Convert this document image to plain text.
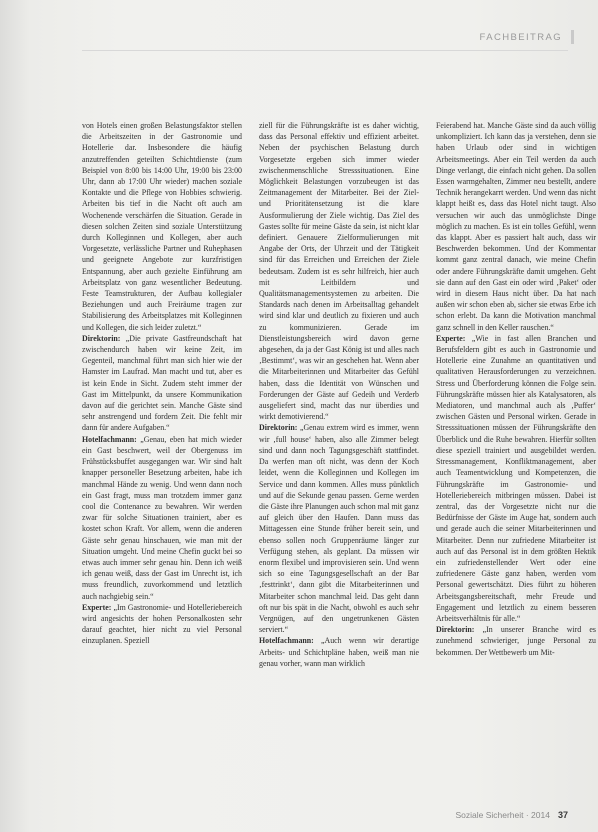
FACHBEITRAG

von Hotels einen großen Belastungsfaktor stellen die Arbeitszeiten in der Gastronomie und Hotellerie dar. Insbesondere die häufig anzutreffenden geteilten Schichtdienste (zum Beispiel von 8:00 bis 14:00 Uhr, 19:00 bis 23:00 Uhr, dann ab 17:00 Uhr wieder) machen soziale Kontakte und die Pflege von Hobbies schwierig. Arbeiten bis tief in die Nacht oft auch am Wochenende verschärfen die Situation. Gerade in diesen solchen Zeiten sind soziale Unterstützung durch Kolleginnen und Kollegen, aber auch Vorgesetzte, verlässliche Partner und Ruhephasen und geeignete Angebote zur kurzfristigen Entspannung, aber auch gezielte Einführung am Arbeitsplatz von ganz wesentlicher Bedeutung. Feste Teamstrukturen, der Aufbau kollegialer Beziehungen und auch Freiräume tragen zur Stabilisierung des Arbeitsplatzes mit Kolleginnen und Kollegen, die sich leider zuletzt.“

Direktorin: „Die private Gastfreundschaft hat zwischendurch haben wir keine Zeit, im Gegenteil, manchmal führt man sich hier wie der Hamster im Laufrad. Man macht und tut, aber es ist kein Ende in Sicht. Zudem steht immer der Gast im Mittelpunkt, da unsere Kommunikation davon auf die gerichtet sein. Manche Gäste sind sehr anstrengend und fordern Zeit. Die fehlt mir dann für andere Aufgaben.“

Hotelfachmann: „Genau, eben hat mich wieder ein Gast beschwert, weil der Obergenuss im Frühstücksbuffet ausgegangen war. Wir sind halt knapper personeller Besetzung arbeiten, habe ich manchmal Hände zu wenig. Und wenn dann noch ein Gast fragt, muss man trotzdem immer ganz cool die Contenance zu bewahren. Wir werden zwar für solche Situationen trainiert, aber es kostet schon Kraft. Vor allem, wenn die anderen Gäste sehr genau hinschauen, wie man mit der Situation umgeht. Und meine Chefin guckt bei so etwas auch immer sehr genau hin. Denn ich weiß ich genau weiß, dass der Gast im Unrecht ist, ich muss freundlich, zuvorkommend und letztlich auch nachgiebig sein.“

Experte: „Im Gastronomie- und Hotelleriebereich wird angesichts der hohen Personalkosten sehr darauf geachtet, hier nicht zu viel Personal einzuplanen. Speziell

ziell für die Führungskräfte ist es daher wichtig, dass das Personal effektiv und effizient arbeitet. Neben der psychischen Belastung durch Vorgesetzte ergeben sich immer wieder zwischenmenschliche Stresssituationen. Eine Möglichkeit Belastungen vorzubeugen ist das Zeitmanagement der Mitarbeiter. Bei der Ziel- und Prioritätensetzung ist die klare Ausformulierung der Ziele wichtig. Das Ziel des Gastes sollte für meine Gäste da sein, ist nicht klar definiert. Genauere Zielformulierungen mit Angabe der Orts, der Uhrzeit und der Tätigkeit sind für das Erreichen und Erreichen der Ziele bedeutsam. Zudem ist es sehr hilfreich, hier auch mit Leitbildern und Qualitätsmanagementsystemen zu arbeiten. Die Standards nach denen im Arbeitsalltag gehandelt wird sind klar und deutlich zu fixieren und auch zu kommunizieren. Gerade im Dienstleistungsbereich wird davon gerne abgesehen, da ja der Gast König ist und alles nach ‚Bestimmt‘, was wir an geschehen hat. Wenn aber die Mitarbeiterinnen und Mitarbeiter das Gefühl haben, dass die Identität von Wünschen und Forderungen der Gäste auf Gedeih und Verderb ausgeliefert sind, macht das nur überdies und wirkt demotivierend.“

Direktorin: „Genau extrem wird es immer, wenn wir ‚full house‘ haben, also alle Zimmer belegt sind und dann noch Tagungsgeschäft stattfindet. Da werfen man oft nicht, was denn der Koch leidet, wenn die Kolleginnen und Kollegen im Service und dann kommen. Alles muss pünktlich und auf die Sekunde genau passen. Gerne werden die Gäste ihre Planungen auch schon mal mit ganz auf gleich über den Haufen. Dann muss das Mittagessen eine Stunde früher bereit sein, und ebenso sollen noch Gruppenräume länger zur Verfügung stehen, als geplant. Da müssen wir enorm flexibel und improvisieren sein. Und wenn sich so eine Tagungsgesellschaft an der Bar ‚festtrinkt‘, dann gibt die Mitarbeiterinnen und Mitarbeiter schon manchmal leid. Das geht dann oft nur bis spät in die Nacht, obwohl es auch sehr Vergnügen, auf den ungetrunkenen Gästen serviert.“

Hotelfachmann: „Auch wenn wir derartige Arbeits- und Schichtpläne haben, weiß man nie genau vorher, wann man wirklich

Feierabend hat. Manche Gäste sind da auch völlig unkompliziert. Ich kann das ja verstehen, denn sie haben Urlaub oder sind in wichtigen Arbeitsmeetings. Aber ein Teil werden da auch Dinge verlangt, die einfach nicht gehen. Da sollen Essen warmgehalten, Zimmer neu bestellt, andere Technik herangekarrt werden. Und wenn das nicht klappt heißt es, dass das Hotel nicht taugt. Also versuchen wir auch das unmöglichste Dinge möglich zu machen. Es ist ein tolles Gefühl, wenn das klappt. Aber es passiert halt auch, dass wir Beschwerden bekommen. Und der Kommentar kommt ganz zentral danach, wie meine Chefin oder andere Führungskräfte damit umgehen. Geht sie dann auf den Gast ein oder wird ‚Paket‘ oder wird in diesem Haus nicht über. Da hat nach außen wir schon eben ab, sicher sie etwas Erbe ich schon erlebt. Da kann die Motivation manchmal ganz schnell in den Keller rauschen.“

Experte: „Wie in fast allen Branchen und Berufsfeldern gibt es auch in Gastronomie und Hotellerie eine Zunahme an quantitativen und qualitativen Herausforderungen zu verzeichnen. Stress und Überforderung können die Folge sein. Führungskräfte müssen hier als Katalysatoren, als Mediatoren, und manchmal auch als ‚Puffer‘ zwischen Gästen und Personal wirken. Gerade in Stresssituationen müssen der Führungskräfte den Überblick und die Ruhe bewahren. Hierfür sollten diese speziell trainiert und ausgebildet werden. Stressmanagement, Konfliktmanagement, aber auch Teamentwicklung und Kompetenzen, die Führungskräfte im Gastronomie- und Hotelleriebereich mitbringen müssen. Dabei ist zentral, das der Vorgesetzte nicht nur die Bedürfnisse der Gäste im Auge hat, sondern auch und gerade auch die seiner Mitarbeiterinnen und Mitarbeiter. Denn nur zufriedene Mitarbeiter ist auch auf das Personal ist in dem größten Hektik ein zufriedenstellender Wert oder eine zufriedenere Gäste ganz haben, werden vom Personal gewertschätzt. Dies führt zu höheren Arbeitsgangsbereitschaft, mehr Freude und Engagement und letztlich zu einem besseren Arbeitsverhältnis für alle.“

Direktorin: „In unserer Branche wird es zunehmend schwieriger, junge Personal zu bekommen. Der Wettbewerb um Mit-

Soziale Sicherheit · 2014 37
